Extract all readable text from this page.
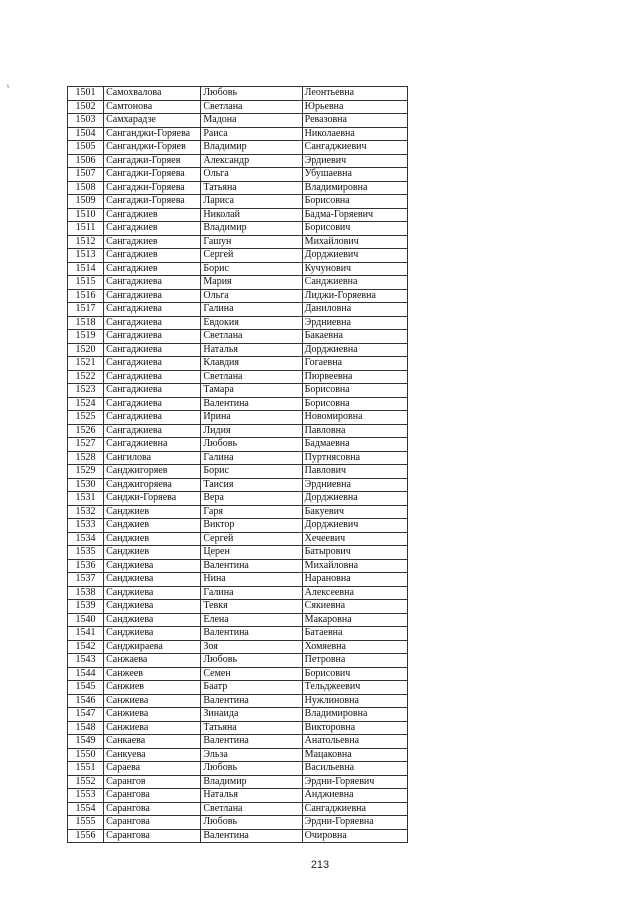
ι
1501	Самохвалова	Любовь	Леонтьевна
1502	Самтонова	Светлана	Юрьевна
1503	Самхарадзе	Мадона	Ревазовна
1504	Санганджи-Горяева	Раиса	Николаевна
1505	Санганджи-Горяев	Владимир	Сангаджиевич
1506	Сангаджи-Горяев	Александр	Эрдиевич
1507	Сангаджи-Горяева	Ольга	Убушаевна
1508	Сангаджи-Горяева	Татьяна	Владимировна
1509	Сангаджи-Горяева	Лариса	Борисовна
1510	Сангаджиев	Николай	Бадма-Горяевич
1511	Сангаджиев	Владимир	Борисович
1512	Сангаджиев	Гашун	Михайлович
1513	Сангаджиев	Сергей	Дорджиевич
1514	Сангаджиев	Борис	Кучунович
1515	Сангаджиева	Мария	Санджиевна
1516	Сангаджиева	Ольга	Лиджи-Горяевна
1517	Сангаджиева	Галина	Даниловна
1518	Сангаджиева	Евдокия	Эрдниевна
1519	Сангаджиева	Светлана	Бакаевна
1520	Сангаджиева	Наталья	Дорджиевна
1521	Сангаджиева	Клавдия	Гогаевна
1522	Сангаджиева	Светлана	Пюрвеевна
1523	Сангаджиева	Тамара	Борисовна
1524	Сангаджиева	Валентина	Борисовна
1525	Сангаджиева	Ирина	Новомировна
1526	Сангаджиева	Лидия	Павловна
1527	Сангаджиевна	Любовь	Бадмаевна
1528	Сангилова	Галина	Пуртнясовна
1529	Санджигоряев	Борис	Павлович
1530	Санджигоряева	Таисия	Эрдниевна
1531	Санджи-Горяева	Вера	Дорджиевна
1532	Санджиев	Гаря	Бакуевич
1533	Санджиев	Виктор	Дорджиевич
1534	Санджиев	Сергей	Хечеевич
1535	Санджиев	Церен	Батырович
1536	Санджиева	Валентина	Михайловна
1537	Санджиева	Нина	Нарановна
1538	Санджиева	Галина	Алексеевна
1539	Санджиева	Тевкя	Сякиевна
1540	Санджиева	Елена	Макаровна
1541	Санджиева	Валентина	Батаевна
1542	Санджираева	Зоя	Хомяевна
1543	Санжаева	Любовь	Петровна
1544	Санжеев	Семен	Борисович
1545	Санжиев	Баатр	Тельджеевич
1546	Санжиева	Валентина	Нужлиновна
1547	Санжиева	Зинаида	Владимировна
1548	Санжиева	Татьяна	Викторовна
1549	Санкаева	Валентина	Анатольевна
1550	Санкуева	Эльза	Мацаковна
1551	Сараева	Любовь	Васильевна
1552	Сарангов	Владимир	Эрдни-Горяевич
1553	Сарангова	Наталья	Анджиевна
1554	Сарангова	Светлана	Сангаджиевна
1555	Сарангова	Любовь	Эрдни-Горяевна
1556	Сарангова	Валентина	Очировна
213
